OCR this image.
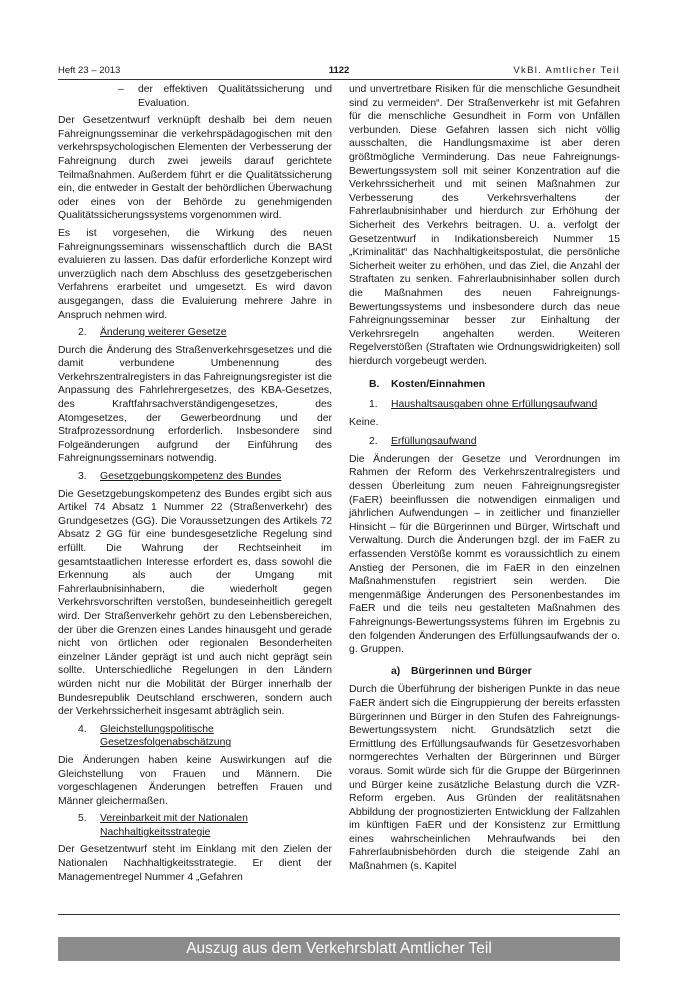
Heft 23 – 2013	1122	VkBl. Amtlicher Teil
–	der effektiven Qualitätssicherung und Evaluation.

Der Gesetzentwurf verknüpft deshalb bei dem neuen Fahreignungsseminar die verkehrspädagogischen mit den verkehrspsychologischen Elementen der Verbesserung der Fahreignung durch zwei jeweils darauf gerichtete Teilmaßnahmen. Außerdem führt er die Qualitätssicherung ein, die entweder in Gestalt der behördlichen Überwachung oder eines von der Behörde zu genehmigenden Qualitätssicherungssystems vorgenommen wird.

Es ist vorgesehen, die Wirkung des neuen Fahreignungsseminars wissenschaftlich durch die BASt evaluieren zu lassen. Das dafür erforderliche Konzept wird unverzüglich nach dem Abschluss des gesetzgeberischen Verfahrens erarbeitet und umgesetzt. Es wird davon ausgegangen, dass die Evaluierung mehrere Jahre in Anspruch nehmen wird.

2.	Änderung weiterer Gesetze

Durch die Änderung des Straßenverkehrsgesetzes und die damit verbundene Umbenennung des Verkehrszentralregisters in das Fahreignungsregister ist die Anpassung des Fahrlehrergesetzes, des KBA-Gesetzes, des Kraftfahrsachverständigengesetzes, des Atomgesetzes, der Gewerbeordnung und der Strafprozessordnung erforderlich. Insbesondere sind Folgeänderungen aufgrund der Einführung des Fahreignungsseminars notwendig.

3.	Gesetzgebungskompetenz des Bundes

Die Gesetzgebungskompetenz des Bundes ergibt sich aus Artikel 74 Absatz 1 Nummer 22 (Straßenverkehr) des Grundgesetzes (GG). Die Voraussetzungen des Artikels 72 Absatz 2 GG für eine bundesgesetzliche Regelung sind erfüllt. Die Wahrung der Rechtseinheit im gesamtstaatlichen Interesse erfordert es, dass sowohl die Erkennung als auch der Umgang mit Fahrerlaubnisinhabern, die wiederholt gegen Verkehrsvorschriften verstoßen, bundeseinheitlich geregelt wird. Der Straßenverkehr gehört zu den Lebensbereichen, der über die Grenzen eines Landes hinausgeht und gerade nicht von örtlichen oder regionalen Besonderheiten einzelner Länder geprägt ist und auch nicht geprägt sein sollte. Unterschiedliche Regelungen in den Ländern würden nicht nur die Mobilität der Bürger innerhalb der Bundesrepublik Deutschland erschweren, sondern auch der Verkehrssicherheit insgesamt abträglich sein.

4.	Gleichstellungspolitische Gesetzesfolgenabschätzung

Die Änderungen haben keine Auswirkungen auf die Gleichstellung von Frauen und Männern. Die vorgeschlagenen Änderungen betreffen Frauen und Männer gleichermaßen.

5.	Vereinbarkeit mit der Nationalen Nachhaltigkeitsstrategie

Der Gesetzentwurf steht im Einklang mit den Zielen der Nationalen Nachhaltigkeitsstrategie. Er dient der Managementregel Nummer 4 „Gefahren

und unvertretbare Risiken für die menschliche Gesundheit sind zu vermeiden“. Der Straßenverkehr ist mit Gefahren für die menschliche Gesundheit in Form von Unfällen verbunden. Diese Gefahren lassen sich nicht völlig ausschalten, die Handlungsmaxime ist aber deren größtmögliche Verminderung. Das neue Fahreignungs-Bewertungssystem soll mit seiner Konzentration auf die Verkehrssicherheit und mit seinen Maßnahmen zur Verbesserung des Verkehrsverhaltens der Fahrerlaubnisinhaber und hierdurch zur Erhöhung der Sicherheit des Verkehrs beitragen. U. a. verfolgt der Gesetzentwurf in Indikationsbereich Nummer 15 „Kriminalität“ das Nachhaltigkeitspostulat, die persönliche Sicherheit weiter zu erhöhen, und das Ziel, die Anzahl der Straftaten zu senken. Fahrerlaubnisinhaber sollen durch die Maßnahmen des neuen Fahreignungs-Bewertungssystems und insbesondere durch das neue Fahreignungsseminar besser zur Einhaltung der Verkehrsregeln angehalten werden. Weiteren Regelverstößen (Straftaten wie Ordnungswidrigkeiten) soll hierdurch vorgebeugt werden.

B.	Kosten/Einnahmen
1.	Haushaltsausgaben ohne Erfüllungsaufwand

Keine.

2.	Erfüllungsaufwand

Die Änderungen der Gesetze und Verordnungen im Rahmen der Reform des Verkehrszentralregisters und dessen Überleitung zum neuen Fahreignungsregister (FaER) beeinflussen die notwendigen einmaligen und jährlichen Aufwendungen – in zeitlicher und finanzieller Hinsicht – für die Bürgerinnen und Bürger, Wirtschaft und Verwaltung. Durch die Änderungen bzgl. der im FaER zu erfassenden Verstöße kommt es voraussichtlich zu einem Anstieg der Personen, die im FaER in den einzelnen Maßnahmenstufen registriert sein werden. Die mengenmäßige Änderungen des Personenbestandes im FaER und die teils neu gestalteten Maßnahmen des Fahreignungs-Bewertungssystems führen im Ergebnis zu den folgenden Änderungen des Erfüllungsaufwands der o. g. Gruppen.

a)	Bürgerinnen und Bürger

Durch die Überführung der bisherigen Punkte in das neue FaER ändert sich die Eingruppierung der bereits erfassten Bürgerinnen und Bürger in den Stufen des Fahreignungs-Bewertungssystem nicht. Grundsätzlich setzt die Ermittlung des Erfüllungsaufwands für Gesetzesvorhaben normgerechtes Verhalten der Bürgerinnen und Bürger voraus. Somit würde sich für die Gruppe der Bürgerinnen und Bürger keine zusätzliche Belastung durch die VZR-Reform ergeben. Aus Gründen der realitätsnahen Abbildung der prognostizierten Entwicklung der Fallzahlen im künftigen FaER und der Konsistenz zur Ermittlung eines wahrscheinlichen Mehraufwands bei den Fahrerlaubnisbehörden durch die steigende Zahl an Maßnahmen (s. Kapitel

Auszug aus dem Verkehrsblatt Amtlicher Teil
